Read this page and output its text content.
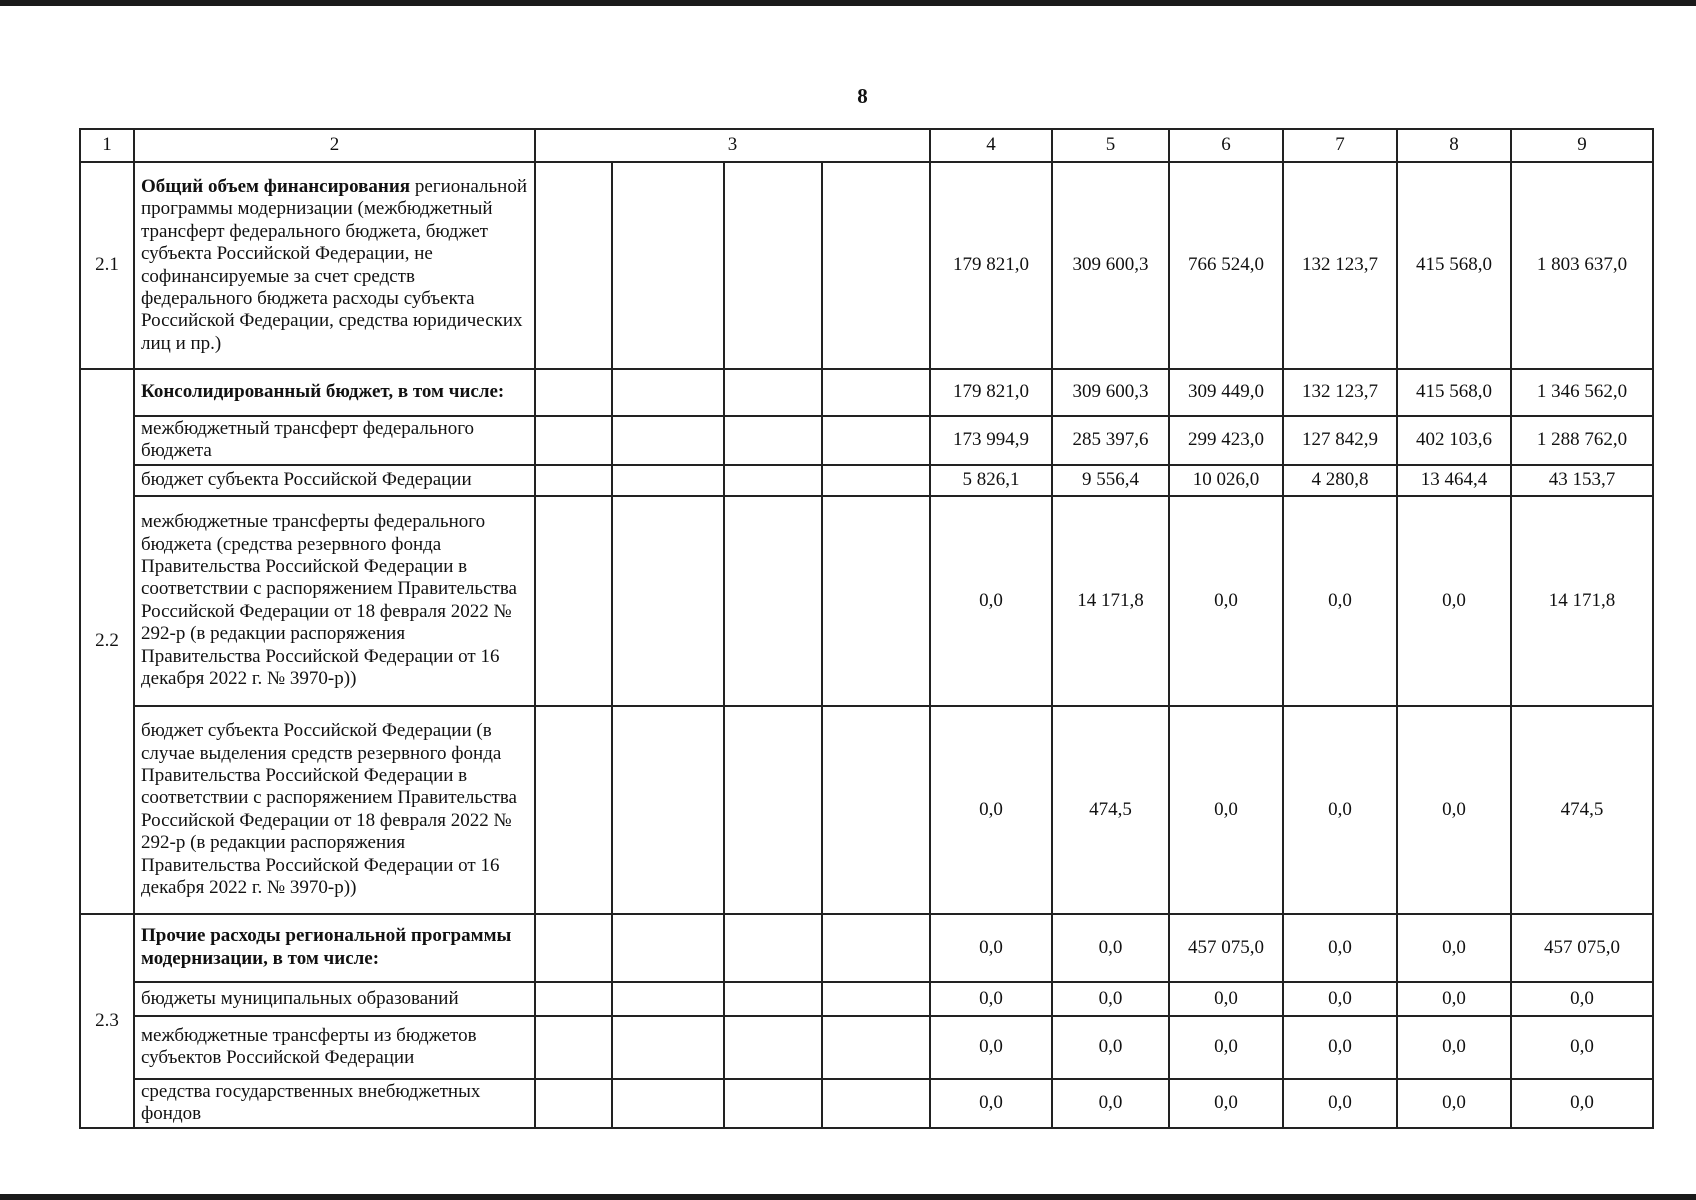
8
1	2	3				4	5	6	7	8	9
2.1	Общий объем финансирования региональной программы модернизации (межбюджетный трансферт федерального бюджета, бюджет субъекта Российской Федерации, не софинансируемые за счет средств федерального бюджета расходы субъекта Российской Федерации, средства юридических лиц и пр.)					179 821,0	309 600,3	766 524,0	132 123,7	415 568,0	1 803 637,0
2.2	Консолидированный бюджет, в том числе:					179 821,0	309 600,3	309 449,0	132 123,7	415 568,0	1 346 562,0
	межбюджетный трансферт федерального бюджета					173 994,9	285 397,6	299 423,0	127 842,9	402 103,6	1 288 762,0
	бюджет субъекта Российской Федерации					5 826,1	9 556,4	10 026,0	4 280,8	13 464,4	43 153,7
	межбюджетные трансферты федерального бюджета (средства резервного фонда Правительства Российской Федерации в соответствии с распоряжением Правительства Российской Федерации от 18 февраля 2022 № 292-р (в редакции распоряжения Правительства Российской Федерации от 16 декабря 2022 г. № 3970-р))					0,0	14 171,8	0,0	0,0	0,0	14 171,8
	бюджет субъекта Российской Федерации (в случае выделения средств резервного фонда Правительства Российской Федерации в соответствии с распоряжением Правительства Российской Федерации от 18 февраля 2022 № 292-р (в редакции распоряжения Правительства Российской Федерации от 16 декабря 2022 г. № 3970-р))					0,0	474,5	0,0	0,0	0,0	474,5
2.3	Прочие расходы региональной программы модернизации, в том числе:					0,0	0,0	457 075,0	0,0	0,0	457 075,0
	бюджеты муниципальных образований					0,0	0,0	0,0	0,0	0,0	0,0
	межбюджетные трансферты из бюджетов субъектов Российской Федерации					0,0	0,0	0,0	0,0	0,0	0,0
	средства государственных внебюджетных фондов					0,0	0,0	0,0	0,0	0,0	0,0
